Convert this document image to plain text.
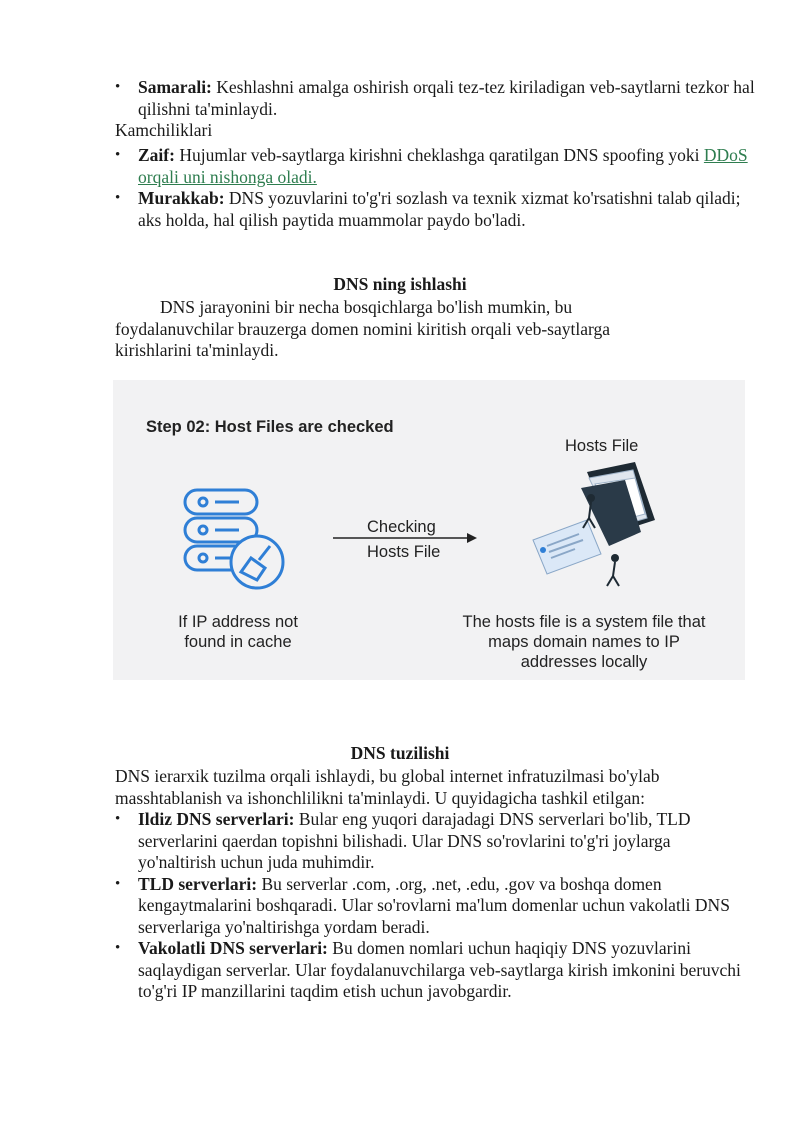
• Samarali: Keshlashni amalga oshirish orqali tez-tez kiriladigan veb-saytlarni tezkor hal qilishni ta'minlaydi.
Kamchiliklari
• Zaif: Hujumlar veb-saytlarga kirishni cheklashga qaratilgan DNS spoofing yoki DDoS orqali uni nishonga oladi.
• Murakkab: DNS yozuvlarini to'g'ri sozlash va texnik xizmat ko'rsatishni talab qiladi; aks holda, hal qilish paytida muammolar paydo bo'ladi.
DNS ning ishlashi
DNS jarayonini bir necha bosqichlarga bo'lish mumkin, bu foydalanuvchilar brauzerga domen nomini kiritish orqali veb-saytlarga kirishlarini ta'minlaydi.
Step 02: Host Files are checked
Hosts File
Checking
Hosts File
If IP address not
found in cache
The hosts file is a system file that
maps domain names to IP
addresses locally
DNS tuzilishi
DNS ierarxik tuzilma orqali ishlaydi, bu global internet infratuzilmasi bo'ylab masshtablanish va ishonchlilikni ta'minlaydi. U quyidagicha tashkil etilgan:
• Ildiz DNS serverlari: Bular eng yuqori darajadagi DNS serverlari bo'lib, TLD serverlarini qaerdan topishni bilishadi. Ular DNS so'rovlarini to'g'ri joylarga yo'naltirish uchun juda muhimdir.
• TLD serverlari: Bu serverlar .com, .org, .net, .edu, .gov va boshqa domen kengaytmalarini boshqaradi. Ular so'rovlarni ma'lum domenlar uchun vakolatli DNS serverlariga yo'naltirishga yordam beradi.
• Vakolatli DNS serverlari: Bu domen nomlari uchun haqiqiy DNS yozuvlarini saqlaydigan serverlar. Ular foydalanuvchilarga veb-saytlarga kirish imkonini beruvchi to'g'ri IP manzillarini taqdim etish uchun javobgardir.
